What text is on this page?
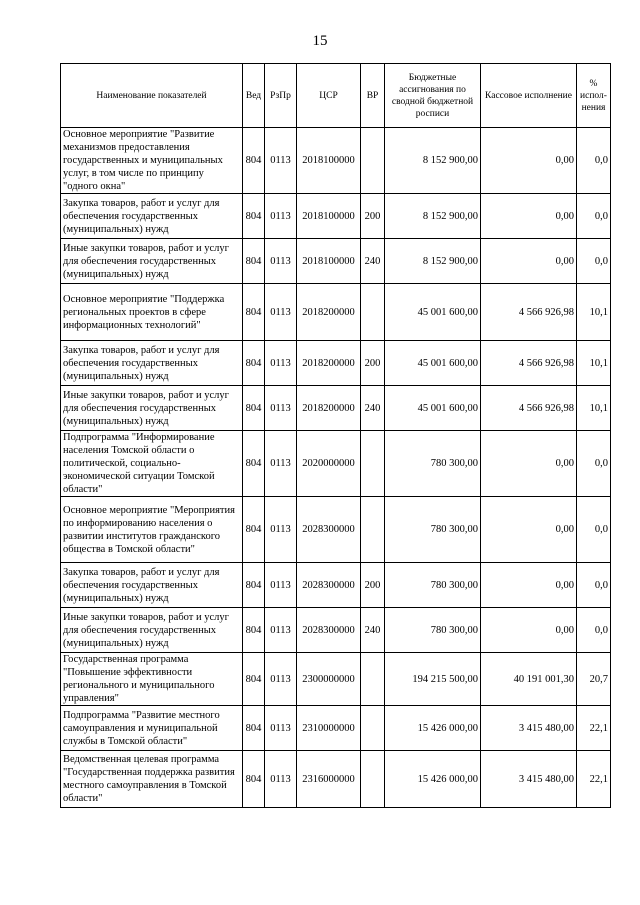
15
Наименование показателей	Вед	РзПр	ЦСР	ВР	Бюджетные ассигнования по сводной бюджетной росписи	Кассовое исполнение	% испол- нения
Основное мероприятие "Развитие механизмов предоставления государственных и муниципальных услуг, в том числе по принципу "одного окна"	804	0113	2018100000		8 152 900,00	0,00	0,0
Закупка товаров, работ и услуг для обеспечения государственных (муниципальных) нужд	804	0113	2018100000	200	8 152 900,00	0,00	0,0
Иные закупки товаров, работ и услуг для обеспечения государственных (муниципальных) нужд	804	0113	2018100000	240	8 152 900,00	0,00	0,0
Основное мероприятие "Поддержка региональных проектов в сфере информационных технологий"	804	0113	2018200000		45 001 600,00	4 566 926,98	10,1
Закупка товаров, работ и услуг для обеспечения государственных (муниципальных) нужд	804	0113	2018200000	200	45 001 600,00	4 566 926,98	10,1
Иные закупки товаров, работ и услуг для обеспечения государственных (муниципальных) нужд	804	0113	2018200000	240	45 001 600,00	4 566 926,98	10,1
Подпрограмма "Информирование населения Томской области о политической, социально-экономической ситуации Томской области"	804	0113	2020000000		780 300,00	0,00	0,0
Основное мероприятие "Мероприятия по информированию населения о развитии институтов гражданского общества в Томской области"	804	0113	2028300000		780 300,00	0,00	0,0
Закупка товаров, работ и услуг для обеспечения государственных (муниципальных) нужд	804	0113	2028300000	200	780 300,00	0,00	0,0
Иные закупки товаров, работ и услуг для обеспечения государственных (муниципальных) нужд	804	0113	2028300000	240	780 300,00	0,00	0,0
Государственная программа "Повышение эффективности регионального и муниципального управления"	804	0113	2300000000		194 215 500,00	40 191 001,30	20,7
Подпрограмма "Развитие местного самоуправления и муниципальной службы в Томской области"	804	0113	2310000000		15 426 000,00	3 415 480,00	22,1
Ведомственная целевая программа "Государственная поддержка развития местного самоуправления в Томской области"	804	0113	2316000000		15 426 000,00	3 415 480,00	22,1
